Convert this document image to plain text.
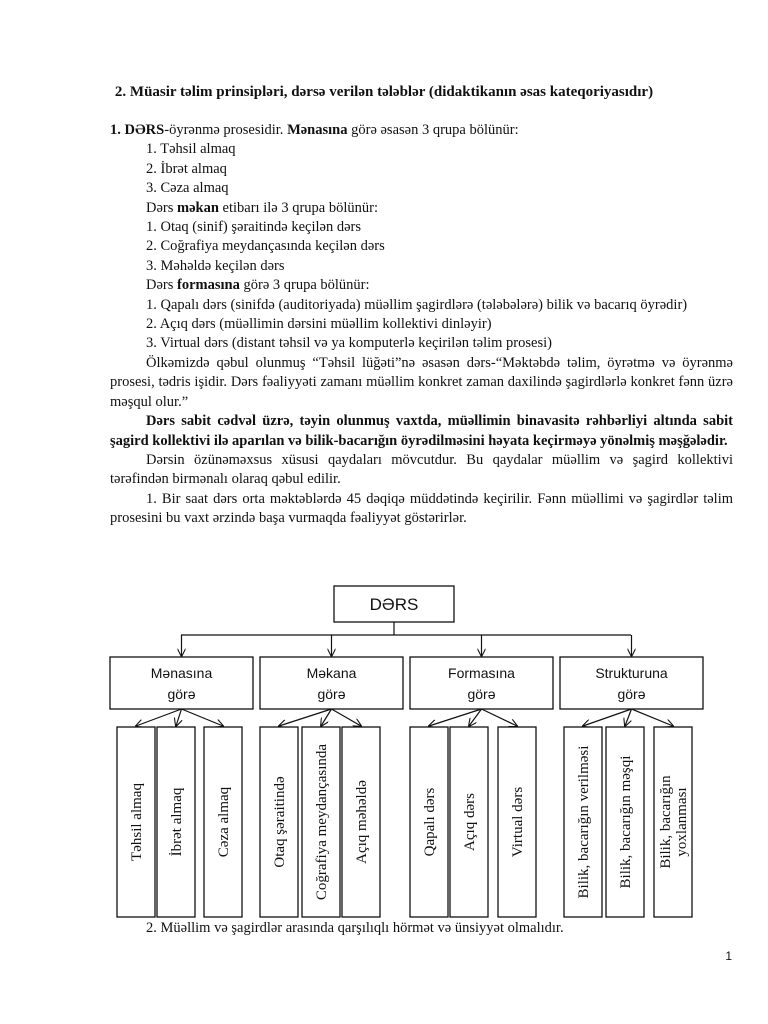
2. Müasir təlim prinsipləri, dərsə verilən tələblər (didaktikanın əsas kateqoriyasıdır)

1. DƏRS-öyrənmə prosesidir. Mənasına görə əsasən 3 qrupa bölünür:

1. Təhsil almaq

2. İbrət almaq

3. Cəza almaq

Dərs məkan etibarı ilə 3 qrupa bölünür:

1. Otaq (sinif) şəraitində keçilən dərs

2. Coğrafiya meydançasında keçilən dərs

3. Məhəldə keçilən dərs

Dərs formasına görə 3 qrupa bölünür:

1. Qapalı dərs (sinifdə (auditoriyada) müəllim şagirdlərə (tələbələrə) bilik və bacarıq öyrədir)

2. Açıq dərs (müəllimin dərsini müəllim kollektivi dinləyir)

3. Virtual dərs (distant təhsil və ya komputerlə keçirilən təlim prosesi)

Ölkəmizdə qəbul olunmuş “Təhsil lüğəti”nə əsasən dərs-“Məktəbdə təlim, öyrətmə və öyrənmə prosesi, tədris işidir. Dərs fəaliyyəti zamanı müəllim konkret zaman daxilində şagirdlərlə konkret fənn üzrə məşqul olur.”

Dərs sabit cədvəl üzrə, təyin olunmuş vaxtda, müəllimin binavasitə rəhbərliyi altında sabit şagird kollektivi ilə aparılan və bilik-bacarığın öyrədilməsini həyata keçirməyə yönəlmiş məşğələdir.

Dərsin özünəməxsus xüsusi qaydaları mövcutdur. Bu qaydalar müəllim və şagird kollektivi tərəfindən birmənalı olaraq qəbul edilir.

1. Bir saat dərs orta məktəblərdə 45 dəqiqə müddətində keçirilir. Fənn müəllimi və şagirdlər təlim prosesini bu vaxt ərzində başa vurmaqda fəaliyyət göstərirlər.

DƏRS
Mənasına
görə
Təhsil almaq İbrət almaq Cəza almaq
Məkana
görə
Otaq şəraitində Coğrafiya meydançasında Açıq məhəldə
Formasına
görə
Qapalı dərs Açıq dərs Virtual dərs
Strukturuna
görə
Bilik, bacarığın verilməsi Bilik, bacarığın məşqi Bilik, bacarığın yoxlanması
2. Müəllim və şagirdlər arasında qarşılıqlı hörmət və ünsiyyət olmalıdır.
1
